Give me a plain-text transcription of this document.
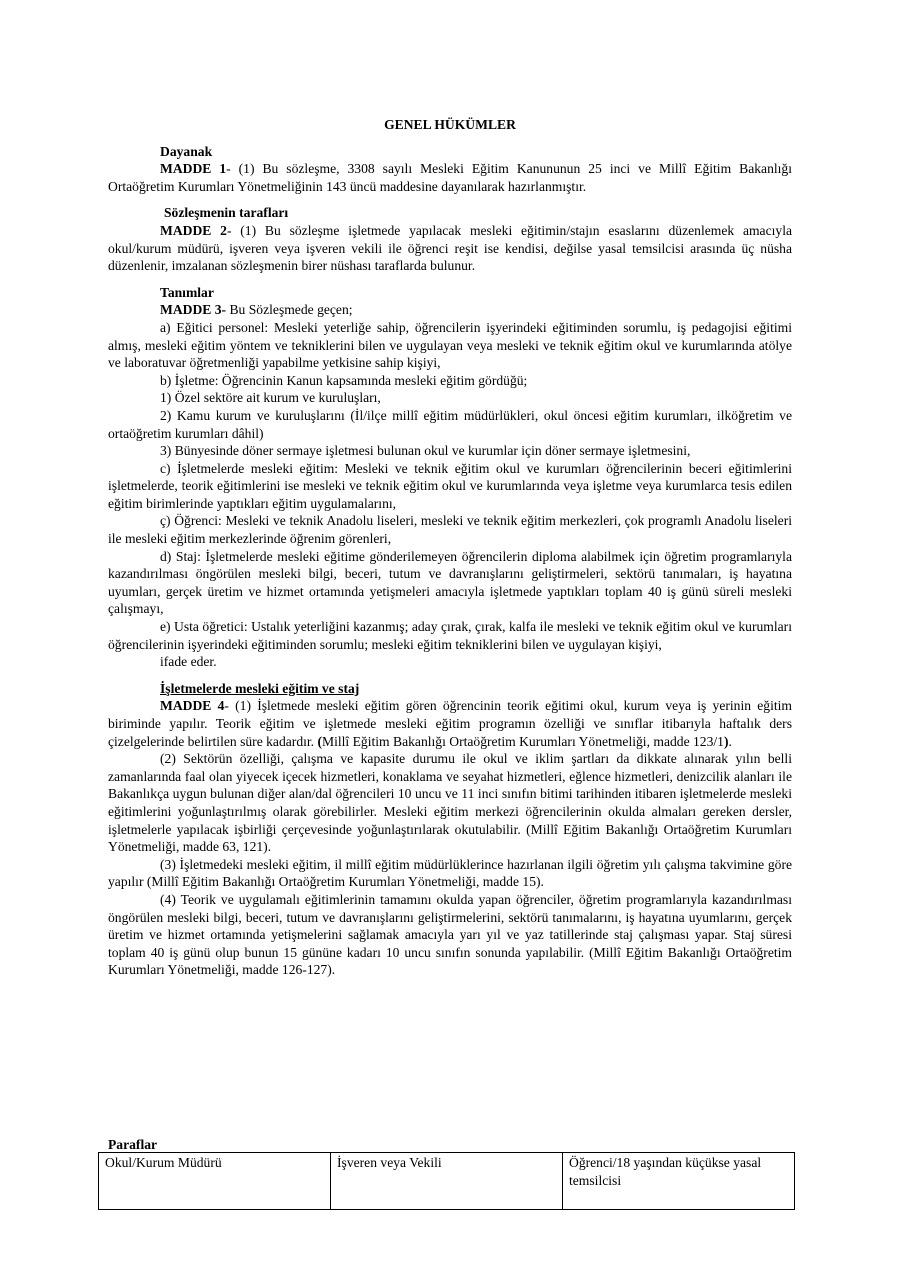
GENEL HÜKÜMLER
Dayanak

MADDE 1- (1) Bu sözleşme, 3308 sayılı Mesleki Eğitim Kanununun 25 inci ve Millî Eğitim Bakanlığı Ortaöğretim Kurumları Yönetmeliğinin 143 üncü maddesine dayanılarak hazırlanmıştır.

Sözleşmenin tarafları

MADDE 2- (1) Bu sözleşme işletmede yapılacak mesleki eğitimin/stajın esaslarını düzenlemek amacıyla okul/kurum müdürü, işveren veya işveren vekili ile öğrenci reşit ise kendisi, değilse yasal temsilcisi arasında üç nüsha düzenlenir, imzalanan sözleşmenin birer nüshası taraflarda bulunur.

Tanımlar

MADDE 3- Bu Sözleşmede geçen;

a) Eğitici personel: Mesleki yeterliğe sahip, öğrencilerin işyerindeki eğitiminden sorumlu, iş pedagojisi eğitimi almış, mesleki eğitim yöntem ve tekniklerini bilen ve uygulayan veya mesleki ve teknik eğitim okul ve kurumlarında atölye ve laboratuvar öğretmenliği yapabilme yetkisine sahip kişiyi,

b) İşletme: Öğrencinin Kanun kapsamında mesleki eğitim gördüğü;

1) Özel sektöre ait kurum ve kuruluşları,

2) Kamu kurum ve kuruluşlarını (İl/ilçe millî eğitim müdürlükleri, okul öncesi eğitim kurumları, ilköğretim ve ortaöğretim kurumları dâhil)

3) Bünyesinde döner sermaye işletmesi bulunan okul ve kurumlar için döner sermaye işletmesini,

c) İşletmelerde mesleki eğitim: Mesleki ve teknik eğitim okul ve kurumları öğrencilerinin beceri eğitimlerini işletmelerde, teorik eğitimlerini ise mesleki ve teknik eğitim okul ve kurumlarında veya işletme veya kurumlarca tesis edilen eğitim birimlerinde yaptıkları eğitim uygulamalarını,

ç) Öğrenci: Mesleki ve teknik Anadolu liseleri, mesleki ve teknik eğitim merkezleri, çok programlı Anadolu liseleri ile mesleki eğitim merkezlerinde öğrenim görenleri,

d) Staj: İşletmelerde mesleki eğitime gönderilemeyen öğrencilerin diploma alabilmek için öğretim programlarıyla kazandırılması öngörülen mesleki bilgi, beceri, tutum ve davranışlarını geliştirmeleri, sektörü tanımaları, iş hayatına uyumları, gerçek üretim ve hizmet ortamında yetişmeleri amacıyla işletmede yaptıkları toplam 40 iş günü süreli mesleki çalışmayı,

e) Usta öğretici: Ustalık yeterliğini kazanmış; aday çırak, çırak, kalfa ile mesleki ve teknik eğitim okul ve kurumları öğrencilerinin işyerindeki eğitiminden sorumlu; mesleki eğitim tekniklerini bilen ve uygulayan kişiyi,

ifade eder.

İşletmelerde mesleki eğitim ve staj

MADDE 4- (1) İşletmede mesleki eğitim gören öğrencinin teorik eğitimi okul, kurum veya iş yerinin eğitim biriminde yapılır. Teorik eğitim ve işletmede mesleki eğitim programın özelliği ve sınıflar itibarıyla haftalık ders çizelgelerinde belirtilen süre kadardır. (Millî Eğitim Bakanlığı Ortaöğretim Kurumları Yönetmeliği, madde 123/1).

(2) Sektörün özelliği, çalışma ve kapasite durumu ile okul ve iklim şartları da dikkate alınarak yılın belli zamanlarında faal olan yiyecek içecek hizmetleri, konaklama ve seyahat hizmetleri, eğlence hizmetleri, denizcilik alanları ile Bakanlıkça uygun bulunan diğer alan/dal öğrencileri 10 uncu ve 11 inci sınıfın bitimi tarihinden itibaren işletmelerde mesleki eğitimlerini yoğunlaştırılmış olarak görebilirler. Mesleki eğitim merkezi öğrencilerinin okulda almaları gereken dersler, işletmelerle yapılacak işbirliği çerçevesinde yoğunlaştırılarak okutulabilir. (Millî Eğitim Bakanlığı Ortaöğretim Kurumları Yönetmeliği, madde 63, 121).

(3) İşletmedeki mesleki eğitim, il millî eğitim müdürlüklerince hazırlanan ilgili öğretim yılı çalışma takvimine göre yapılır (Millî Eğitim Bakanlığı Ortaöğretim Kurumları Yönetmeliği, madde 15).

(4) Teorik ve uygulamalı eğitimlerinin tamamını okulda yapan öğrenciler, öğretim programlarıyla kazandırılması öngörülen mesleki bilgi, beceri, tutum ve davranışlarını geliştirmelerini, sektörü tanımalarını, iş hayatına uyumlarını, gerçek üretim ve hizmet ortamında yetişmelerini sağlamak amacıyla yarı yıl ve yaz tatillerinde staj çalışması yapar. Staj süresi toplam 40 iş günü olup bunun 15 gününe kadarı 10 uncu sınıfın sonunda yapılabilir. (Millî Eğitim Bakanlığı Ortaöğretim Kurumları Yönetmeliği, madde 126-127).

Paraflar
Okul/Kurum Müdürü	İşveren veya Vekili	Öğrenci/18 yaşından küçükse yasal temsilcisi
